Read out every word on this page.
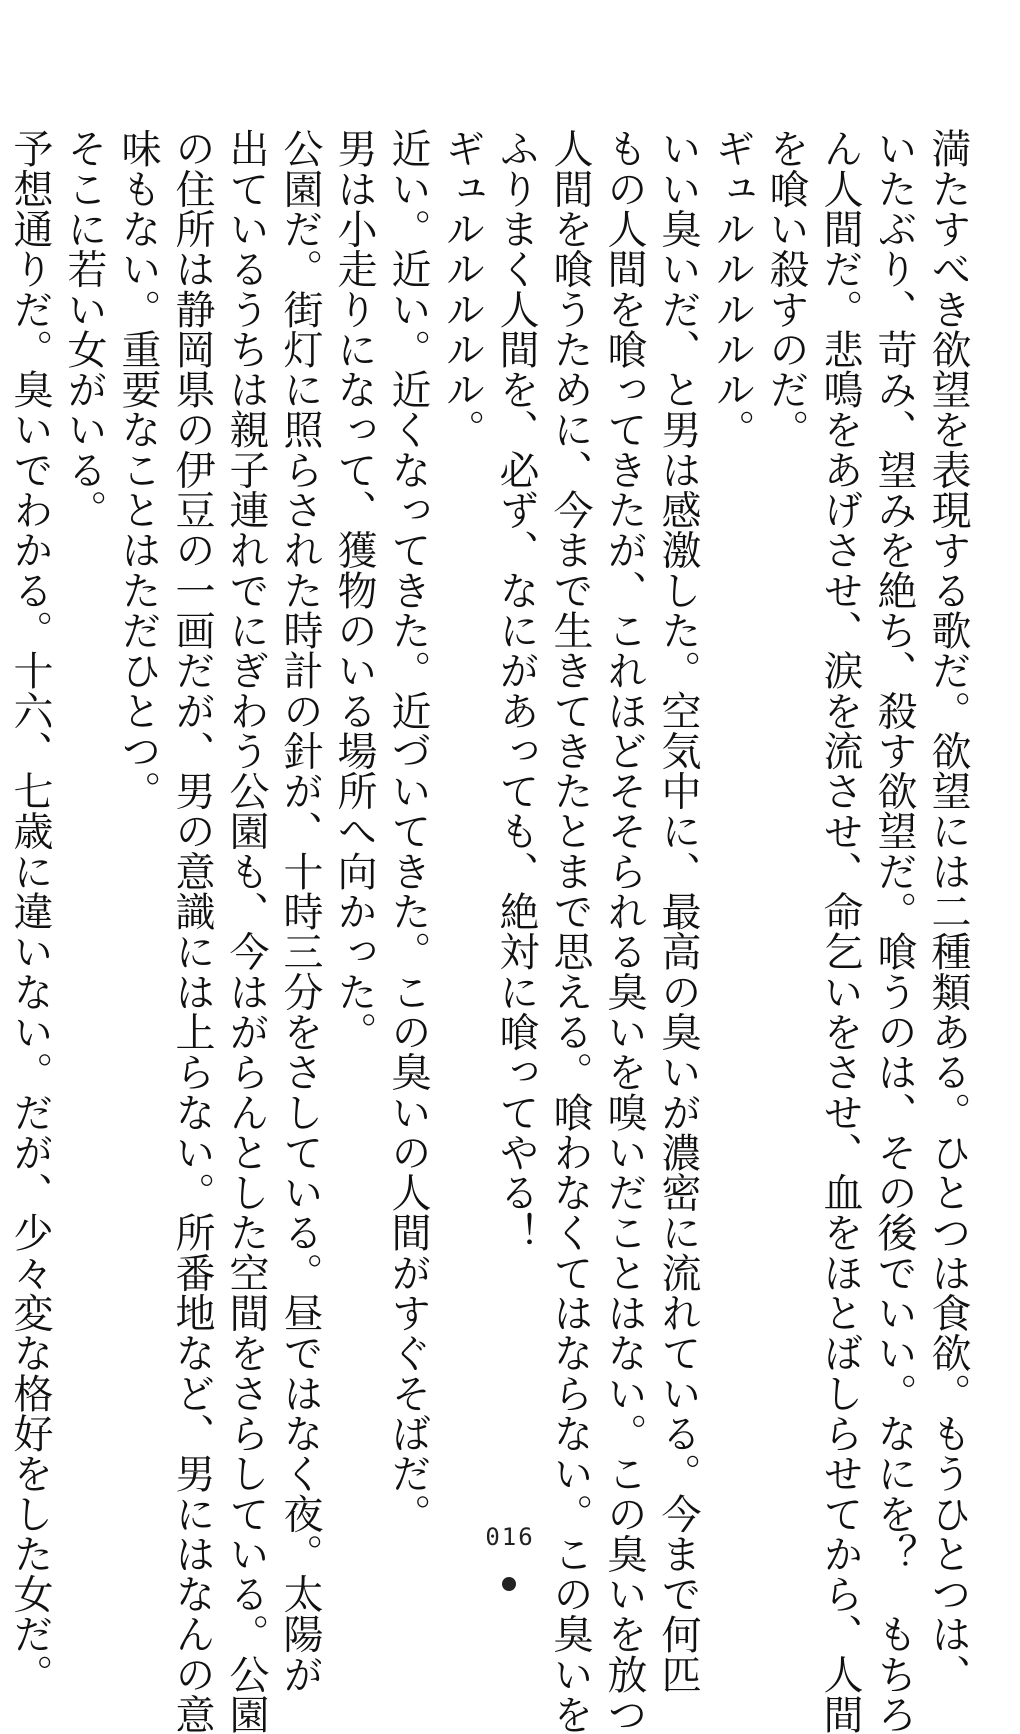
満たすべき欲望を表現する歌だ。欲望には二種類ある。ひとつは食欲。もうひとつは、
いたぶり、苛み、望みを絶ち、殺す欲望だ。喰うのは、その後でいい。なにを？　もちろ
ん人間だ。悲鳴をあげさせ、涙を流させ、命乞いをさせ、血をほとばしらせてから、人間
を喰い殺すのだ。
ギュルルルルル。
いい臭いだ、と男は感激した。空気中に、最高の臭いが濃密に流れている。今まで何匹
もの人間を喰ってきたが、これほどそそられる臭いを嗅いだことはない。この臭いを放つ
人間を喰うために、今まで生きてきたとまで思える。喰わなくてはならない。この臭いを
ふりまく人間を、必ず、なにがあっても、絶対に喰ってやる！
ギュルルルルル。
近い。近い。近くなってきた。近づいてきた。この臭いの人間がすぐそばだ。
男は小走りになって、獲物のいる場所へ向かった。
公園だ。街灯に照らされた時計の針が、十時三分をさしている。昼ではなく夜。太陽が
出ているうちは親子連れでにぎわう公園も、今はがらんとした空間をさらしている。公園
の住所は静岡県の伊豆の一画だが、男の意識には上らない。所番地など、男にはなんの意
味もない。重要なことはただひとつ。
そこに若い女がいる。
予想通りだ。臭いでわかる。十六、七歳に違いない。だが、少々変な格好をした女だ。	016
